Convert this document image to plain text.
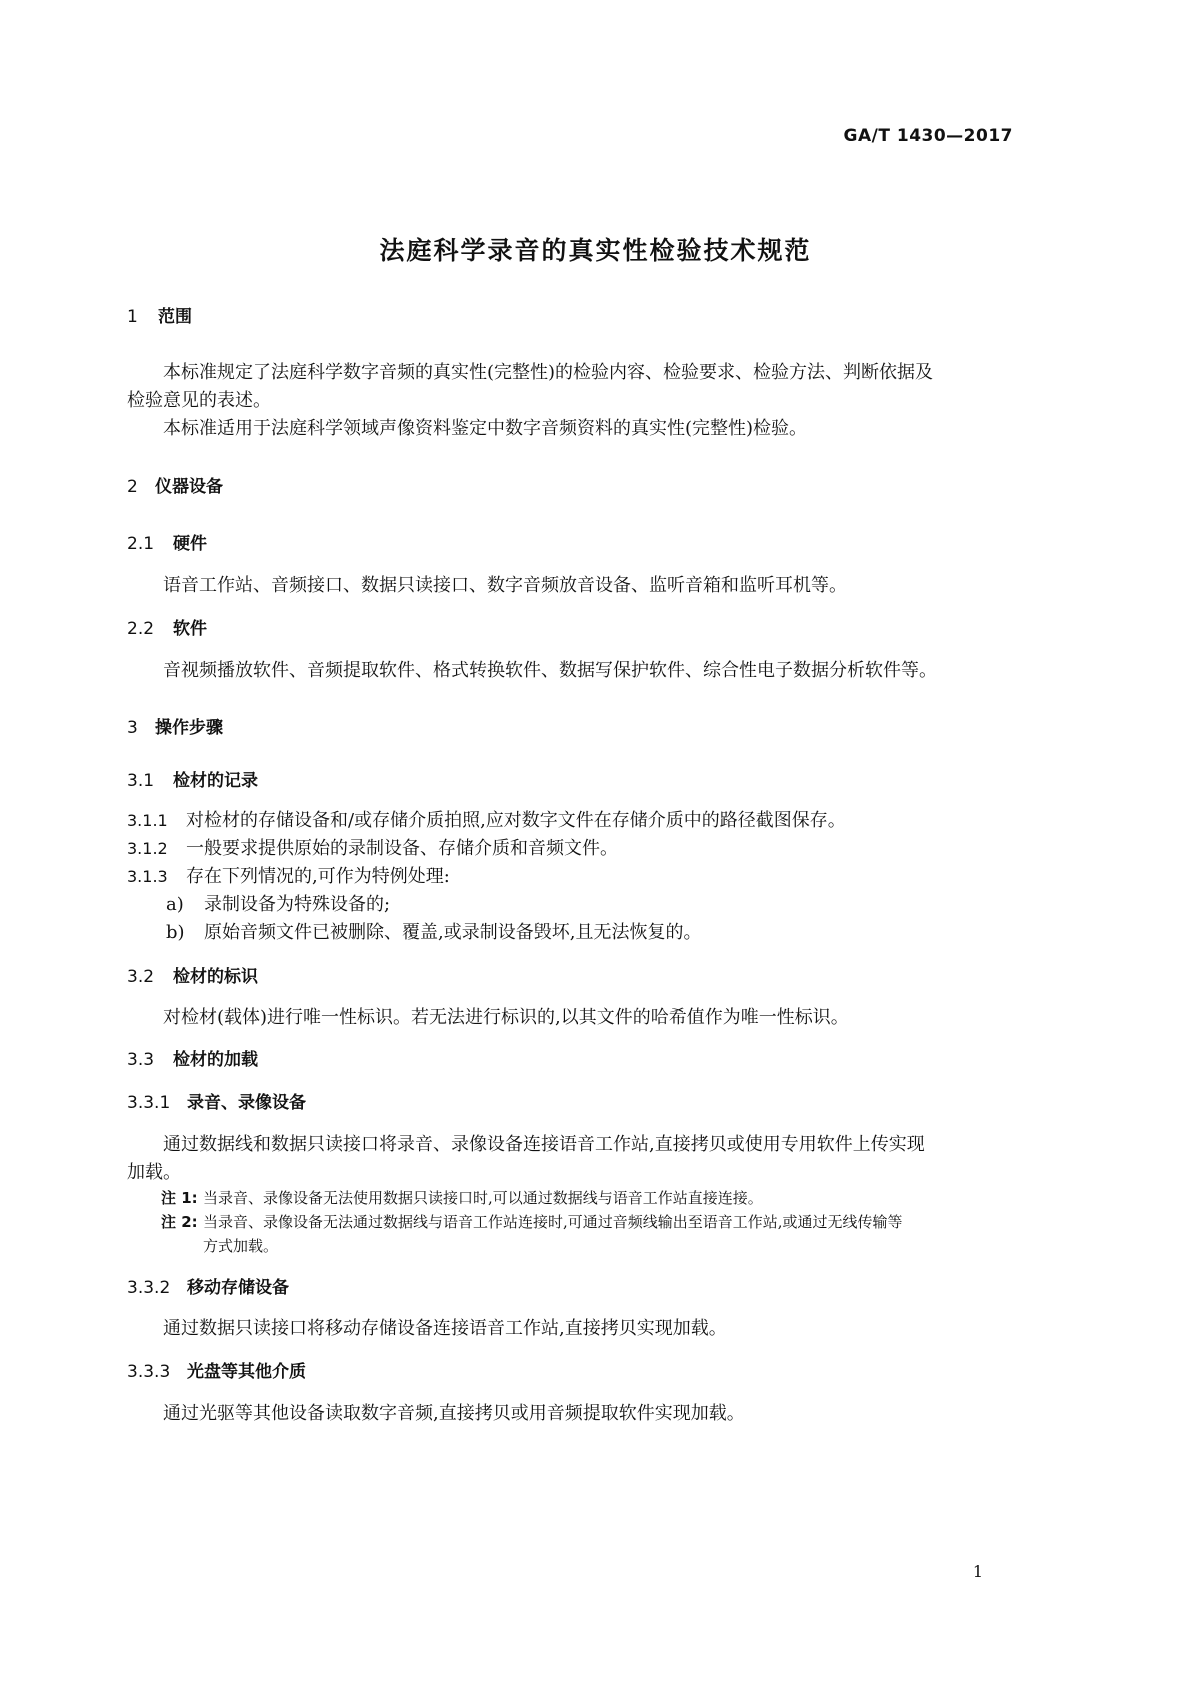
GA/T 1430—2017
法庭科学录音的真实性检验技术规范
1 范围
本标准规定了法庭科学数字音频的真实性(完整性)的检验内容、检验要求、检验方法、判断依据及
检验意见的表述。
本标准适用于法庭科学领域声像资料鉴定中数字音频资料的真实性(完整性)检验。
2 仪器设备
2.1 硬件
语音工作站、音频接口、数据只读接口、数字音频放音设备、监听音箱和监听耳机等。
2.2 软件
音视频播放软件、音频提取软件、格式转换软件、数据写保护软件、综合性电子数据分析软件等。
3 操作步骤
3.1 检材的记录
3.1.1 对检材的存储设备和/或存储介质拍照,应对数字文件在存储介质中的路径截图保存。
3.1.2 一般要求提供原始的录制设备、存储介质和音频文件。
3.1.3 存在下列情况的,可作为特例处理:
a) 录制设备为特殊设备的;
b) 原始音频文件已被删除、覆盖,或录制设备毁坏,且无法恢复的。
3.2 检材的标识
对检材(载体)进行唯一性标识。若无法进行标识的,以其文件的哈希值作为唯一性标识。
3.3 检材的加载
3.3.1 录音、录像设备
通过数据线和数据只读接口将录音、录像设备连接语音工作站,直接拷贝或使用专用软件上传实现
加载。
注 1: 当录音、录像设备无法使用数据只读接口时,可以通过数据线与语音工作站直接连接。
注 2: 当录音、录像设备无法通过数据线与语音工作站连接时,可通过音频线输出至语音工作站,或通过无线传输等
方式加载。
3.3.2 移动存储设备
通过数据只读接口将移动存储设备连接语音工作站,直接拷贝实现加载。
3.3.3 光盘等其他介质
通过光驱等其他设备读取数字音频,直接拷贝或用音频提取软件实现加载。
1
